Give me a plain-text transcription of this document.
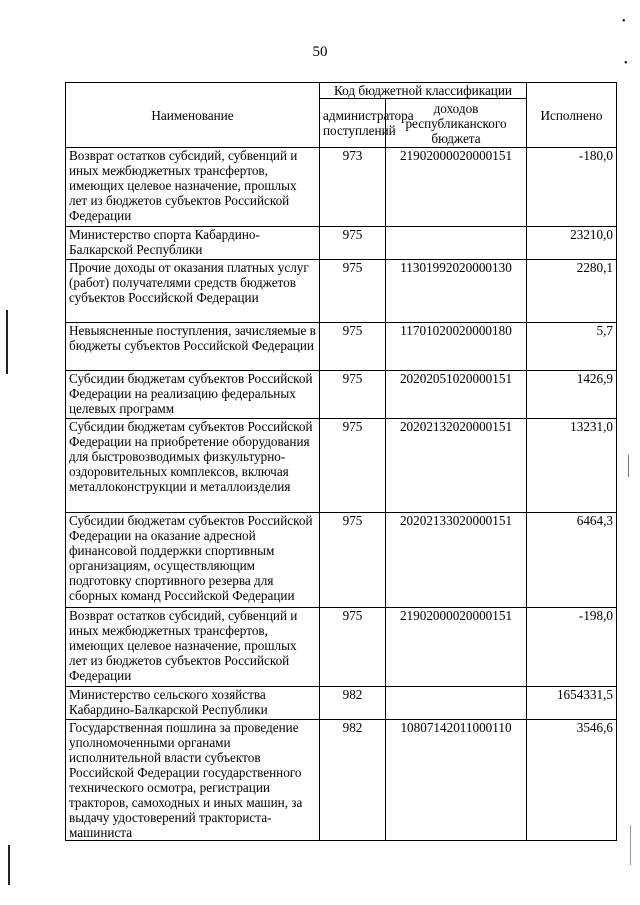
•
•
50
Наименование	Код бюджетной классификации		Исполнено
	администратора поступлений	доходов республиканского бюджета	
Возврат остатков субсидий, субвенций и иных межбюджетных трансфертов, имеющих целевое назначение, прошлых лет из бюджетов субъектов Российской Федерации	973	21902000020000151	-180,0
Министерство спорта Кабардино-Балкарской Республики	975		23210,0
Прочие доходы от оказания платных услуг (работ) получателями средств бюджетов субъектов Российской Федерации	975	11301992020000130	2280,1
Невыясненные поступления, зачисляемые в бюджеты субъектов Российской Федерации	975	11701020020000180	5,7
Субсидии бюджетам субъектов Российской Федерации на реализацию федеральных целевых программ	975	20202051020000151	1426,9
Субсидии бюджетам субъектов Российской Федерации на приобретение оборудования для быстровозводимых физкультурно-оздоровительных комплексов, включая металлоконструкции и металлоизделия	975	20202132020000151	13231,0
Субсидии бюджетам субъектов Российской Федерации на оказание адресной финансовой поддержки спортивным организациям, осуществляющим подготовку спортивного резерва для сборных команд Российской Федерации	975	20202133020000151	6464,3
Возврат остатков субсидий, субвенций и иных межбюджетных трансфертов, имеющих целевое назначение, прошлых лет из бюджетов субъектов Российской Федерации	975	21902000020000151	-198,0
Министерство сельского хозяйства Кабардино-Балкарской Республики	982		1654331,5
Государственная пошлина за проведение уполномоченными органами исполнительной власти субъектов Российской Федерации государственного технического осмотра, регистрации тракторов, самоходных и иных машин, за выдачу удостоверений тракториста-машиниста	982	10807142011000110	3546,6
